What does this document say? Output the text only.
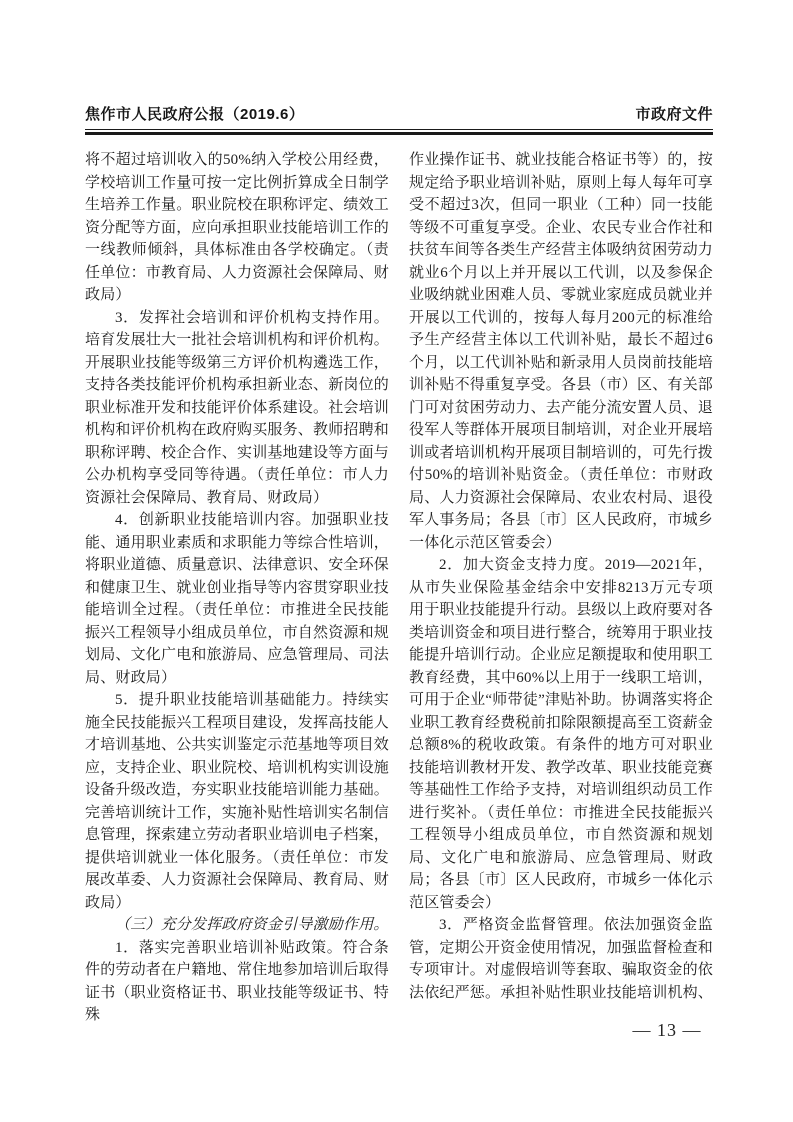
焦作市人民政府公报（2019.6）	市政府文件

将不超过培训收入的50%纳入学校公用经费，学校培训工作量可按一定比例折算成全日制学生培养工作量。职业院校在职称评定、绩效工资分配等方面，应向承担职业技能培训工作的一线教师倾斜，具体标准由各学校确定。（责任单位：市教育局、人力资源社会保障局、财政局）

3．发挥社会培训和评价机构支持作用。培育发展壮大一批社会培训机构和评价机构。开展职业技能等级第三方评价机构遴选工作，支持各类技能评价机构承担新业态、新岗位的职业标准开发和技能评价体系建设。社会培训机构和评价机构在政府购买服务、教师招聘和职称评聘、校企合作、实训基地建设等方面与公办机构享受同等待遇。（责任单位：市人力资源社会保障局、教育局、财政局）

4．创新职业技能培训内容。加强职业技能、通用职业素质和求职能力等综合性培训，将职业道德、质量意识、法律意识、安全环保和健康卫生、就业创业指导等内容贯穿职业技能培训全过程。（责任单位：市推进全民技能振兴工程领导小组成员单位，市自然资源和规划局、文化广电和旅游局、应急管理局、司法局、财政局）

5．提升职业技能培训基础能力。持续实施全民技能振兴工程项目建设，发挥高技能人才培训基地、公共实训鉴定示范基地等项目效应，支持企业、职业院校、培训机构实训设施设备升级改造，夯实职业技能培训能力基础。完善培训统计工作，实施补贴性培训实名制信息管理，探索建立劳动者职业培训电子档案，提供培训就业一体化服务。（责任单位：市发展改革委、人力资源社会保障局、教育局、财政局）

（三）充分发挥政府资金引导激励作用。

1．落实完善职业培训补贴政策。符合条件的劳动者在户籍地、常住地参加培训后取得证书（职业资格证书、职业技能等级证书、特殊

作业操作证书、就业技能合格证书等）的，按规定给予职业培训补贴，原则上每人每年可享受不超过3次，但同一职业（工种）同一技能等级不可重复享受。企业、农民专业合作社和扶贫车间等各类生产经营主体吸纳贫困劳动力就业6个月以上并开展以工代训，以及参保企业吸纳就业困难人员、零就业家庭成员就业并开展以工代训的，按每人每月200元的标准给予生产经营主体以工代训补贴，最长不超过6个月，以工代训补贴和新录用人员岗前技能培训补贴不得重复享受。各县（市）区、有关部门可对贫困劳动力、去产能分流安置人员、退役军人等群体开展项目制培训，对企业开展培训或者培训机构开展项目制培训的，可先行拨付50%的培训补贴资金。（责任单位：市财政局、人力资源社会保障局、农业农村局、退役军人事务局；各县〔市〕区人民政府，市城乡一体化示范区管委会）

2．加大资金支持力度。2019—2021年，从市失业保险基金结余中安排8213万元专项用于职业技能提升行动。县级以上政府要对各类培训资金和项目进行整合，统筹用于职业技能提升培训行动。企业应足额提取和使用职工教育经费，其中60%以上用于一线职工培训，可用于企业“师带徒”津贴补助。协调落实将企业职工教育经费税前扣除限额提高至工资薪金总额8%的税收政策。有条件的地方可对职业技能培训教材开发、教学改革、职业技能竞赛等基础性工作给予支持，对培训组织动员工作进行奖补。（责任单位：市推进全民技能振兴工程领导小组成员单位，市自然资源和规划局、文化广电和旅游局、应急管理局、财政局；各县〔市〕区人民政府，市城乡一体化示范区管委会）

3．严格资金监督管理。依法加强资金监管，定期公开资金使用情况，加强监督检查和专项审计。对虚假培训等套取、骗取资金的依法依纪严惩。承担补贴性职业技能培训机构、

— 13 —
